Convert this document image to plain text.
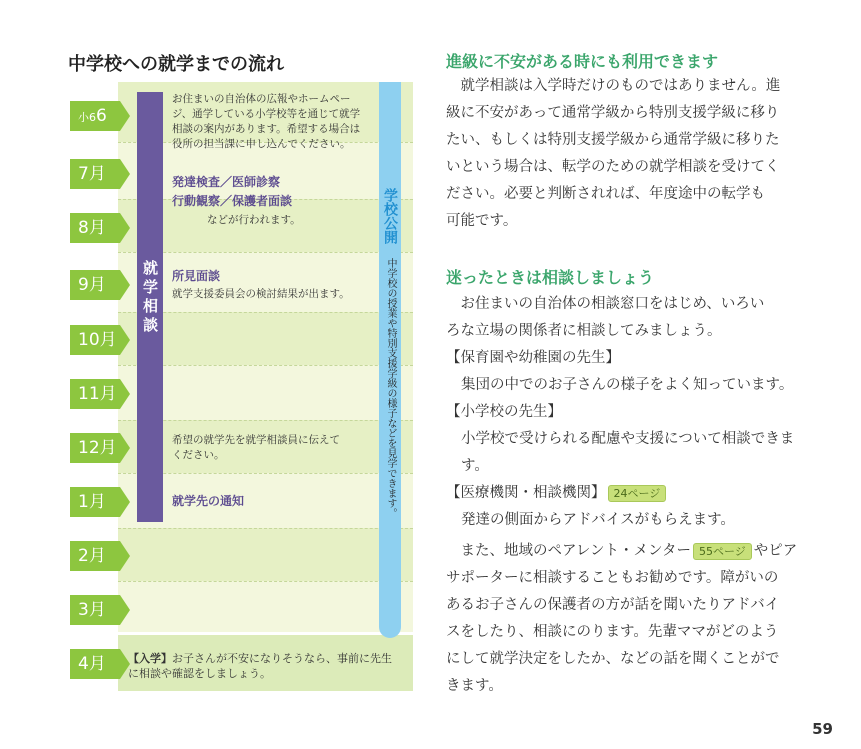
中学校への就学までの流れ
小66月
7月
8月
9月
10月
11月
12月
1月
2月
3月
4月
就学相談
学校公開
中学校の授業や特別支援学級の様子などを見学できます。
お住まいの自治体の広報やホームペー
ジ、通学している小学校等を通じて就学
相談の案内があります。希望する場合は
役所の担当課に申し込んでください。
発達検査／医師診察
行動観察／保護者面談
などが行われます。
所見面談
就学支援委員会の検討結果が出ます。
希望の就学先を就学相談員に伝えて
ください。
就学先の通知
【入学】お子さんが不安になりそうなら、事前に先生
に相談や確認をしましょう。
進級に不安がある時にも利用できます
　就学相談は入学時だけのものではありません。進
級に不安があって通常学級から特別支援学級に移り
たい、もしくは特別支援学級から通常学級に移りた
いという場合は、転学のための就学相談を受けてく
ださい。必要と判断されれば、年度途中の転学も
可能です。
迷ったときは相談しましょう
　お住まいの自治体の相談窓口をはじめ、いろい
ろな立場の関係者に相談してみましょう。
【保育園や幼稚園の先生】
集団の中でのお子さんの様子をよく知っています。
【小学校の先生】
小学校で受けられる配慮や支援について相談できます。
【医療機関・相談機関】 24ページ
発達の側面からアドバイスがもらえます。
　また、地域のペアレント・メンター 55ページ やピア
サポーターに相談することもお勧めです。障がいの
あるお子さんの保護者の方が話を聞いたりアドバイ
スをしたり、相談にのります。先輩ママがどのよう
にして就学決定をしたか、などの話を聞くことがで
きます。
59
